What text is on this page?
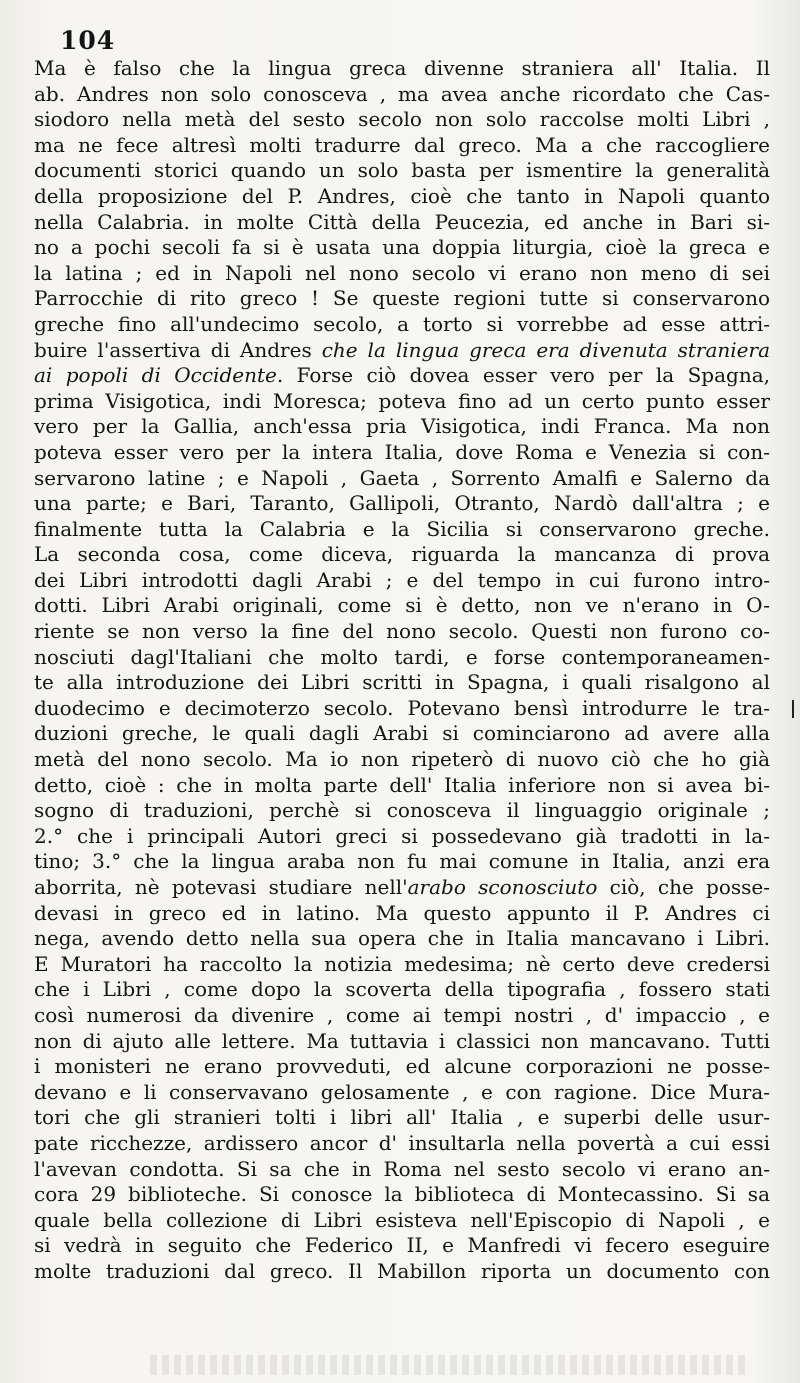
104
Ma è falso che la lingua greca divenne straniera all' Italia. Il
ab. Andres non solo conosceva , ma avea anche ricordato che Cas-
siodoro nella metà del sesto secolo non solo raccolse molti Libri ,
ma ne fece altresì molti tradurre dal greco. Ma a che raccogliere
documenti storici quando un solo basta per ismentire la generalità
della proposizione del P. Andres, cioè che tanto in Napoli quanto
nella Calabria. in molte Città della Peucezia, ed anche in Bari si-
no a pochi secoli fa si è usata una doppia liturgia, cioè la greca e
la latina ; ed in Napoli nel nono secolo vi erano non meno di sei
Parrocchie di rito greco ! Se queste regioni tutte si conservarono
greche fino all'undecimo secolo, a torto si vorrebbe ad esse attri-
buire l'assertiva di Andres che la lingua greca era divenuta straniera
ai popoli di Occidente. Forse ciò dovea esser vero per la Spagna,
prima Visigotica, indi Moresca; poteva fino ad un certo punto esser
vero per la Gallia, anch'essa pria Visigotica, indi Franca. Ma non
poteva esser vero per la intera Italia, dove Roma e Venezia si con-
servarono latine ; e Napoli , Gaeta , Sorrento Amalfi e Salerno da
una parte; e Bari, Taranto, Gallipoli, Otranto, Nardò dall'altra ; e
finalmente tutta la Calabria e la Sicilia si conservarono greche.
La seconda cosa, come diceva, riguarda la mancanza di prova
dei Libri introdotti dagli Arabi ; e del tempo in cui furono intro-
dotti. Libri Arabi originali, come si è detto, non ve n'erano in O-
riente se non verso la fine del nono secolo. Questi non furono co-
nosciuti dagl'Italiani che molto tardi, e forse contemporaneamen-
te alla introduzione dei Libri scritti in Spagna, i quali risalgono al
duodecimo e decimoterzo secolo. Potevano bensì introdurre le tra-
duzioni greche, le quali dagli Arabi si cominciarono ad avere alla
metà del nono secolo. Ma io non ripeterò di nuovo ciò che ho già
detto, cioè : che in molta parte dell' Italia inferiore non si avea bi-
sogno di traduzioni, perchè si conosceva il linguaggio originale ;
2.° che i principali Autori greci si possedevano già tradotti in la-
tino; 3.° che la lingua araba non fu mai comune in Italia, anzi era
aborrita, nè potevasi studiare nell'arabo sconosciuto ciò, che posse-
devasi in greco ed in latino. Ma questo appunto il P. Andres ci
nega, avendo detto nella sua opera che in Italia mancavano i Libri.
E Muratori ha raccolto la notizia medesima; nè certo deve credersi
che i Libri , come dopo la scoverta della tipografia , fossero stati
così numerosi da divenire , come ai tempi nostri , d' impaccio , e
non di ajuto alle lettere. Ma tuttavia i classici non mancavano. Tutti
i monisteri ne erano provveduti, ed alcune corporazioni ne posse-
devano e li conservavano gelosamente , e con ragione. Dice Mura-
tori che gli stranieri tolti i libri all' Italia , e superbi delle usur-
pate ricchezze, ardissero ancor d' insultarla nella povertà a cui essi
l'avevan condotta. Si sa che in Roma nel sesto secolo vi erano an-
cora 29 biblioteche. Si conosce la biblioteca di Montecassino. Si sa
quale bella collezione di Libri esisteva nell'Episcopio di Napoli , e
si vedrà in seguito che Federico II, e Manfredi vi fecero eseguire
molte traduzioni dal greco. Il Mabillon riporta un documento con
